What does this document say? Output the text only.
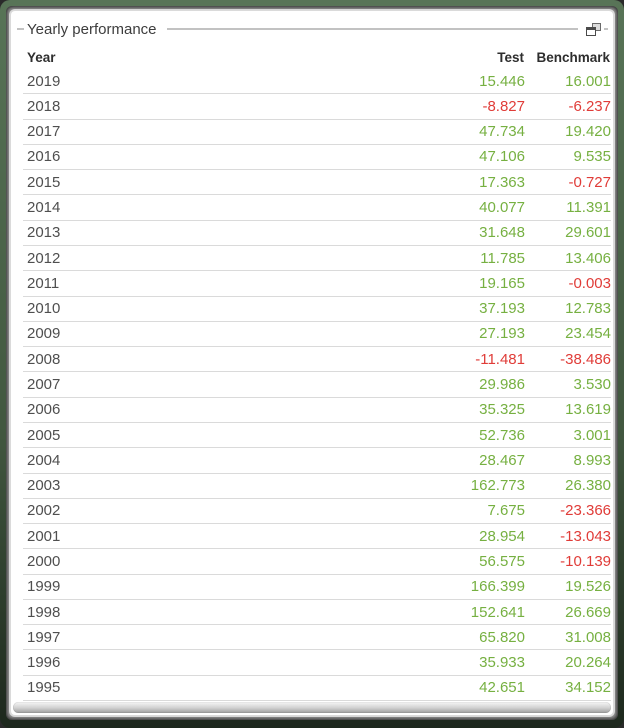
Yearly performance
Year	Test Benchmark
2019	15.446	16.001
2018	-8.827	-6.237
2017	47.734	19.420
2016	47.106	9.535
2015	17.363	-0.727
2014	40.077	11.391
2013	31.648	29.601
2012	11.785	13.406
2011	19.165	-0.003
2010	37.193	12.783
2009	27.193	23.454
2008	-11.481	-38.486
2007	29.986	3.530
2006	35.325	13.619
2005	52.736	3.001
2004	28.467	8.993
2003	162.773	26.380
2002	7.675	-23.366
2001	28.954	-13.043
2000	56.575	-10.139
1999	166.399	19.526
1998	152.641	26.669
1997	65.820	31.008
1996	35.933	20.264
1995	42.651	34.152
